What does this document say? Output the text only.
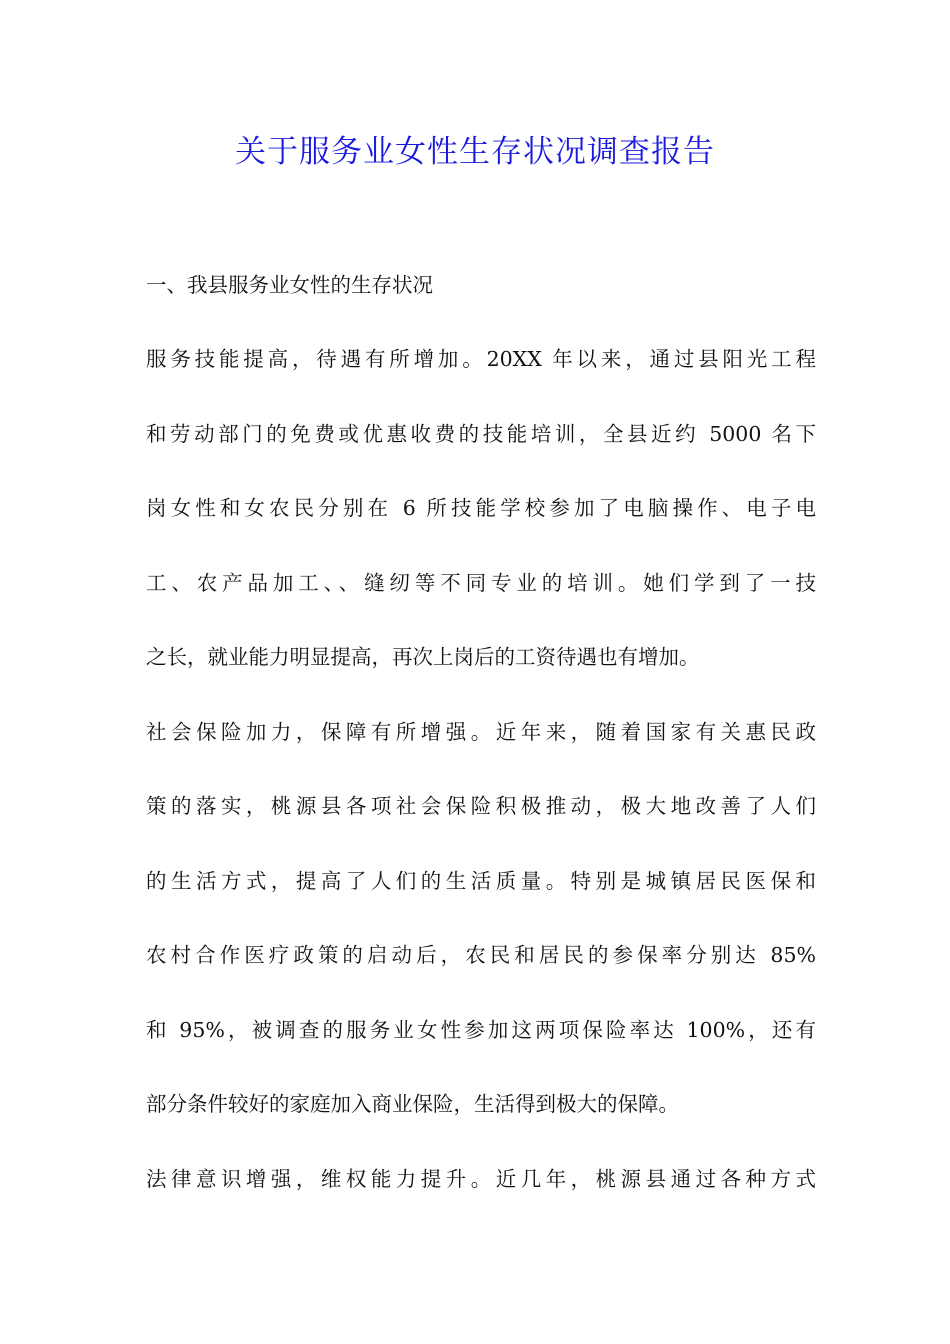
关于服务业女性生存状况调查报告
一、我县服务业女性的生存状况
服务技能提高，待遇有所增加。20XX 年以来，通过县阳光工程
和劳动部门的免费或优惠收费的技能培训，全县近约 5000 名下
岗女性和女农民分别在 6 所技能学校参加了电脑操作、电子电
工、农产品加工、、缝纫等不同专业的培训。她们学到了一技
之长，就业能力明显提高，再次上岗后的工资待遇也有增加。
社会保险加力，保障有所增强。近年来，随着国家有关惠民政
策的落实，桃源县各项社会保险积极推动，极大地改善了人们
的生活方式，提高了人们的生活质量。特别是城镇居民医保和
农村合作医疗政策的启动后，农民和居民的参保率分别达 85%
和 95%，被调查的服务业女性参加这两项保险率达 100%，还有
部分条件较好的家庭加入商业保险，生活得到极大的保障。
法律意识增强，维权能力提升。近几年，桃源县通过各种方式
